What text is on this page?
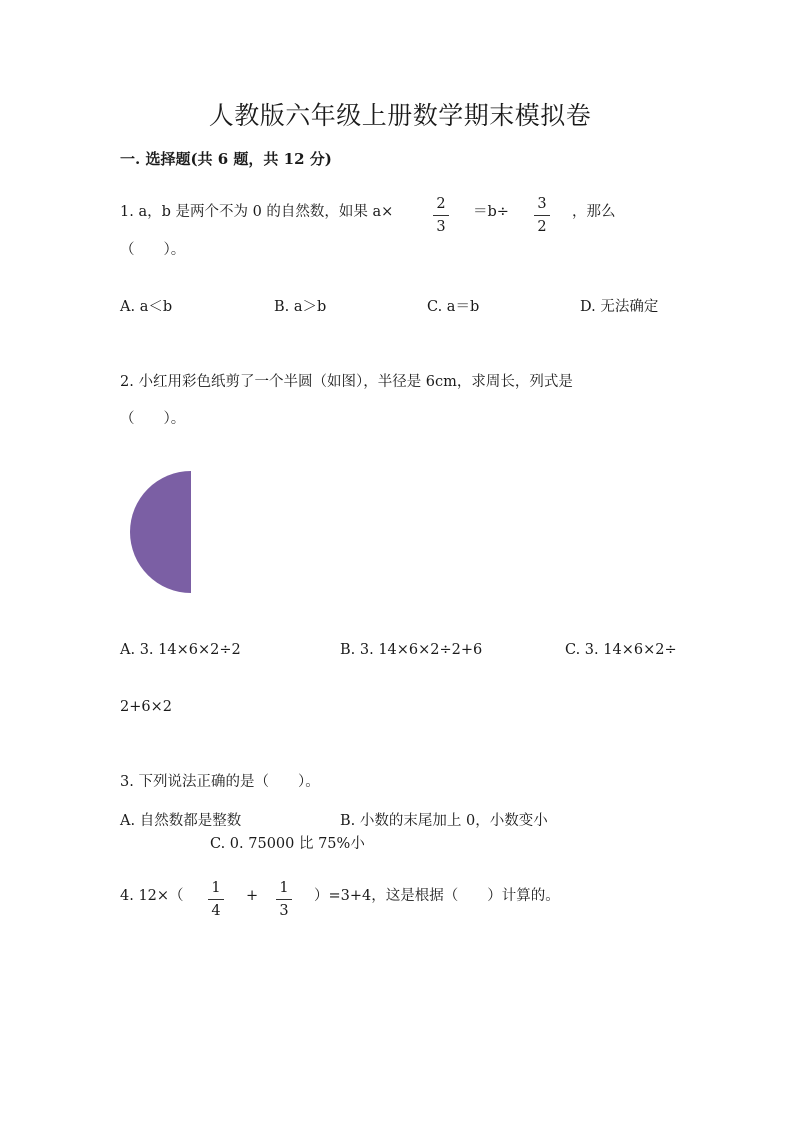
人教版六年级上册数学期末模拟卷
一. 选择题(共 6 题，共 12 分)
1. a，b 是两个不为 0 的自然数，如果 a×	2
3
＝b÷	3
2
，那么
（　　）。
A. a＜b	B. a＞b	C. a＝b	D. 无法确定
2. 小红用彩色纸剪了一个半圆（如图），半径是 6cm，求周长，列式是
（　　）。
A. 3. 14×6×2÷2	B. 3. 14×6×2÷2+6	C. 3. 14×6×2÷
2+6×2
3. 下列说法正确的是（　　）。
A. 自然数都是整数	B. 小数的末尾加上 0，小数变小
C. 0. 75000 比 75%小
4. 12×（	1
4
+	1
3
）=3+4，这是根据（　　）计算的。
